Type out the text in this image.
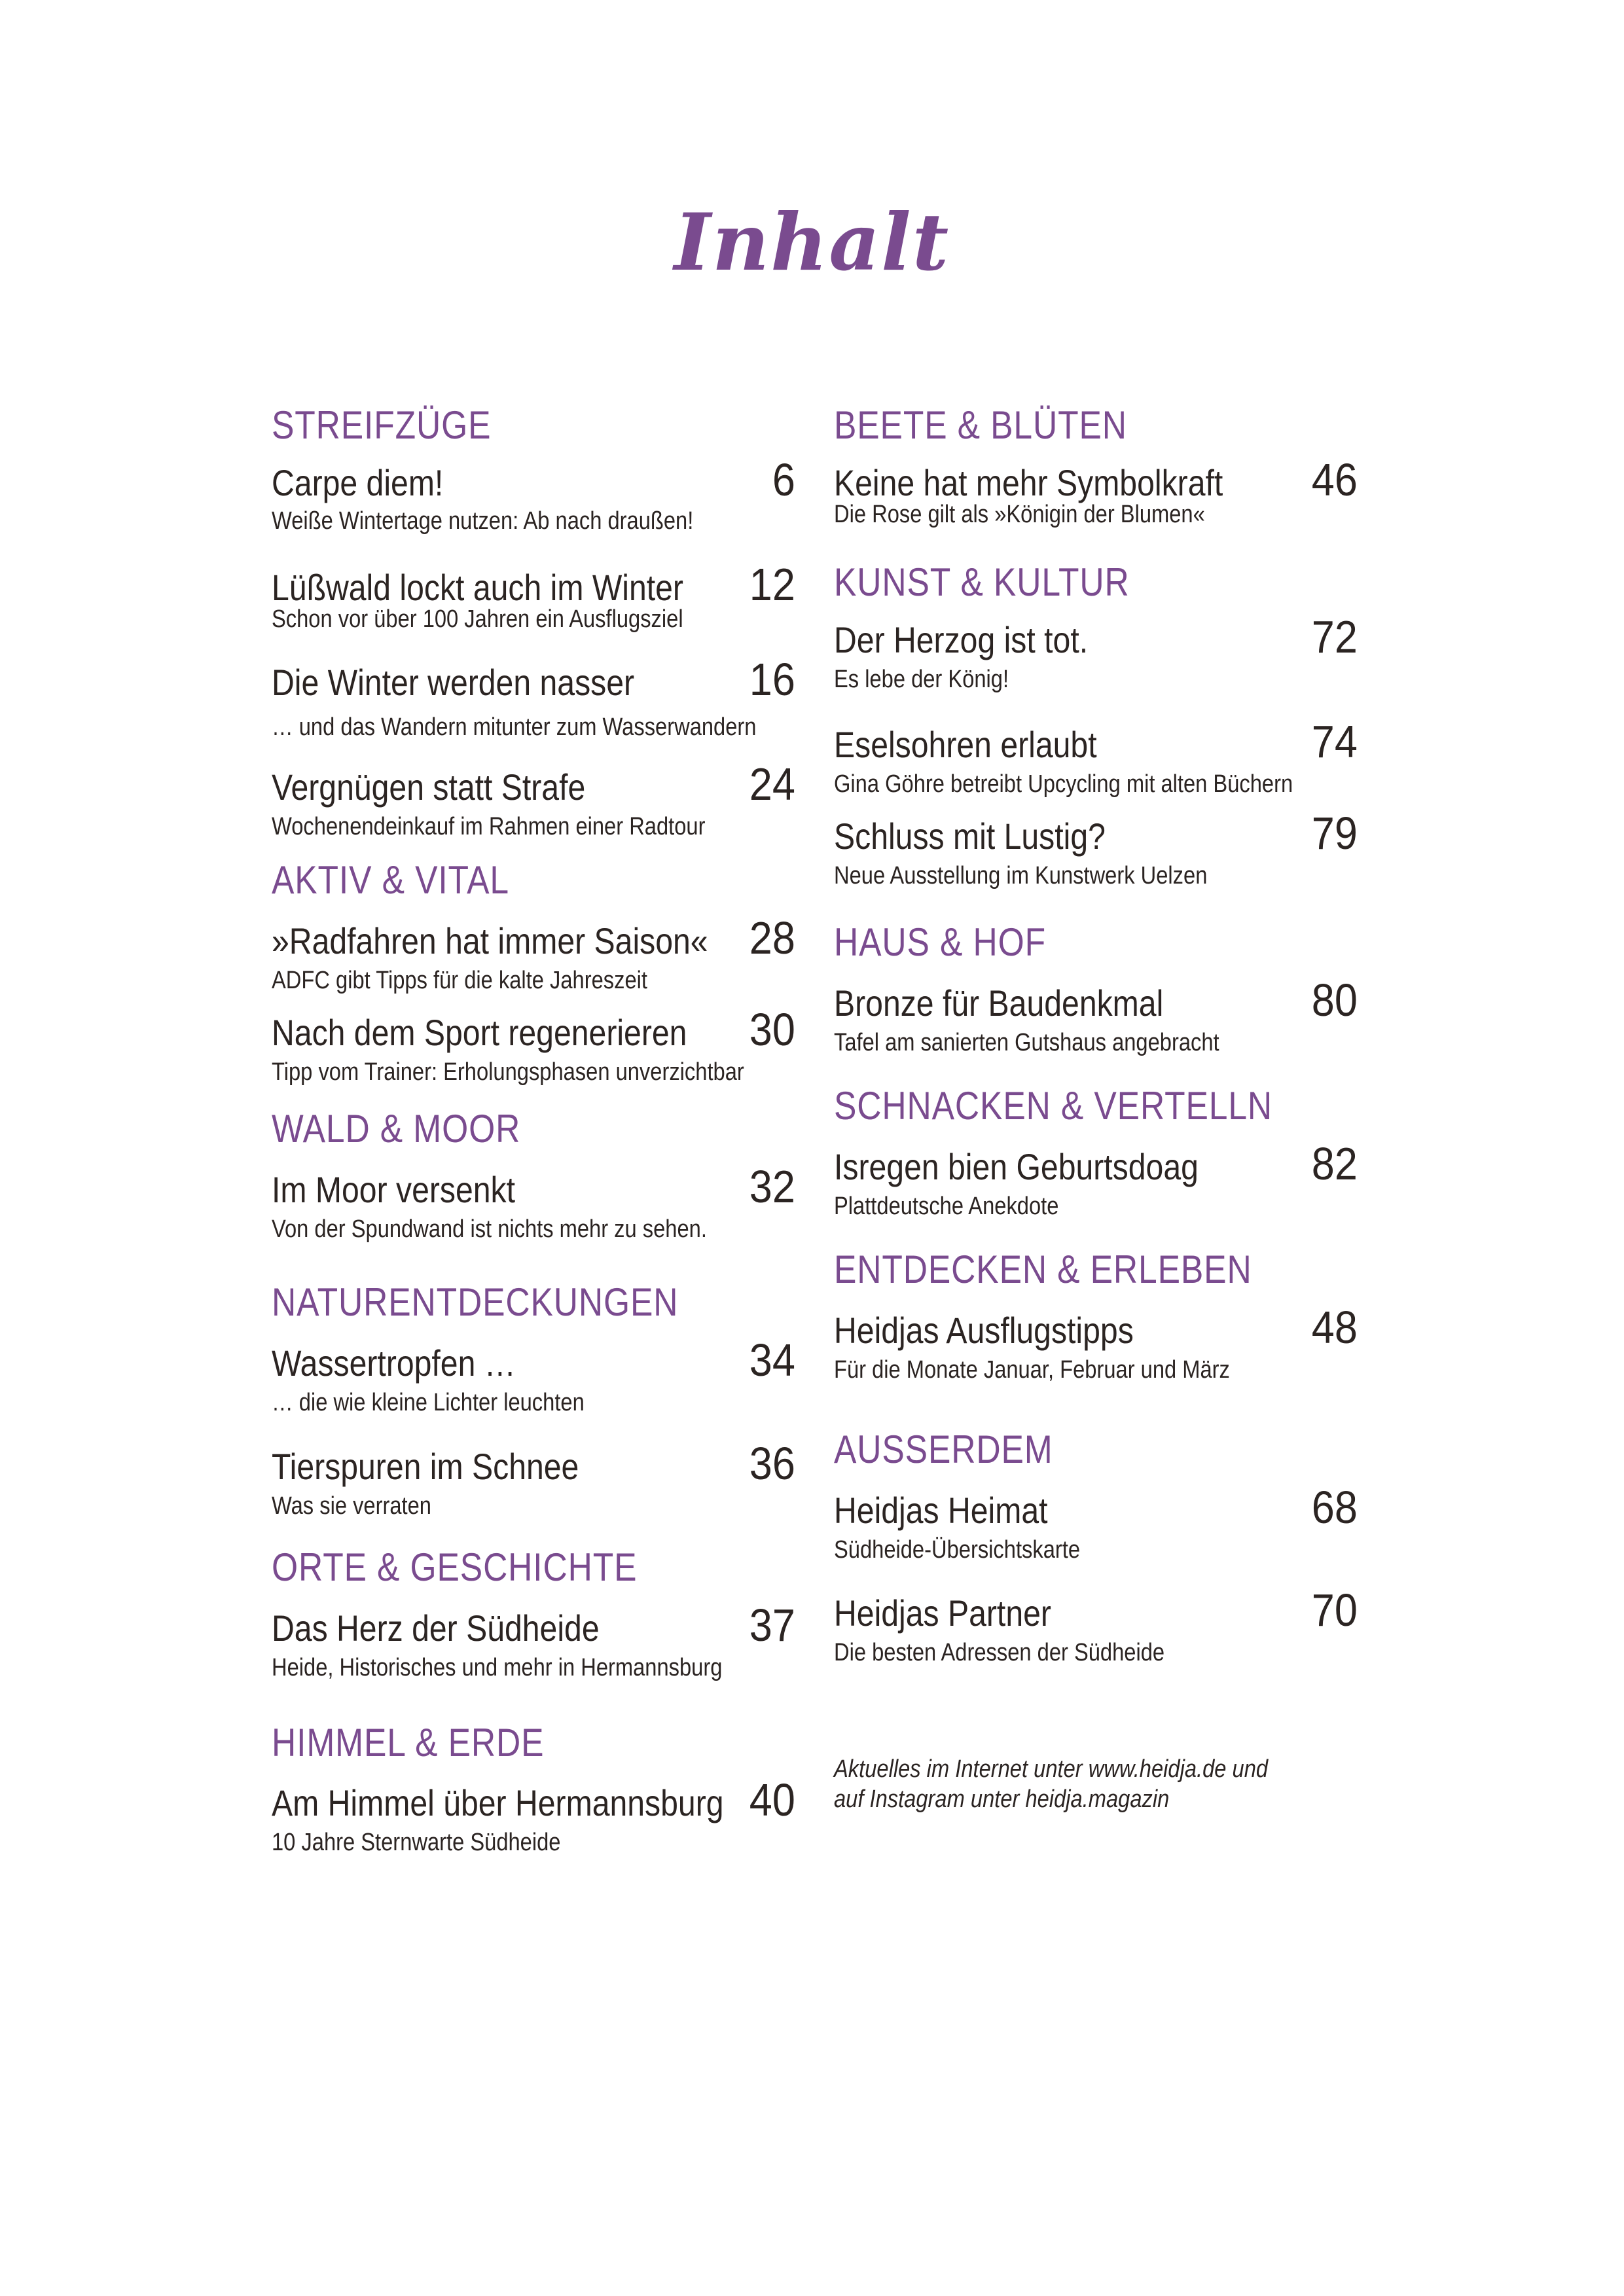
Inhalt
STREIFZÜGE
Carpe diem!	6
Weiße Wintertage nutzen: Ab nach draußen!
Lüßwald lockt auch im Winter 12
Schon vor über 100 Jahren ein Ausflugsziel
Die Winter werden nasser	16
… und das Wandern mitunter zum Wasserwandern
Vergnügen statt Strafe	24
Wochenendeinkauf im Rahmen einer Radtour
AKTIV & VITAL
»Radfahren hat immer Saison« 28
ADFC gibt Tipps für die kalte Jahreszeit
Nach dem Sport regenerieren 30
Tipp vom Trainer: Erholungsphasen unverzichtbar
WALD & MOOR
Im Moor versenkt	32
Von der Spundwand ist nichts mehr zu sehen.
NATURENTDECKUNGEN
Wassertropfen …	34
… die wie kleine Lichter leuchten
Tierspuren im Schnee	36
Was sie verraten
ORTE & GESCHICHTE
Das Herz der Südheide	37
Heide, Historisches und mehr in Hermannsburg
HIMMEL & ERDE
Am Himmel über Hermannsburg 40
10 Jahre Sternwarte Südheide
BEETE & BLÜTEN
Keine hat mehr Symbolkraft 46
Die Rose gilt als »Königin der Blumen«
KUNST & KULTUR
Der Herzog ist tot.	72
Es lebe der König!
Eselsohren erlaubt	74
Gina Göhre betreibt Upcycling mit alten Büchern
Schluss mit Lustig?	79
Neue Ausstellung im Kunstwerk Uelzen
HAUS & HOF
Bronze für Baudenkmal	80
Tafel am sanierten Gutshaus angebracht
SCHNACKEN & VERTELLN
Isregen bien Geburtsdoag 82
Plattdeutsche Anekdote
ENTDECKEN & ERLEBEN
Heidjas Ausflugstipps	48
Für die Monate Januar, Februar und März
AUSSERDEM
Heidjas Heimat	68
Südheide-Übersichtskarte
Heidjas Partner	70
Die besten Adressen der Südheide
Aktuelles im Internet unter www.heidja.de und
auf Instagram unter heidja.magazin
